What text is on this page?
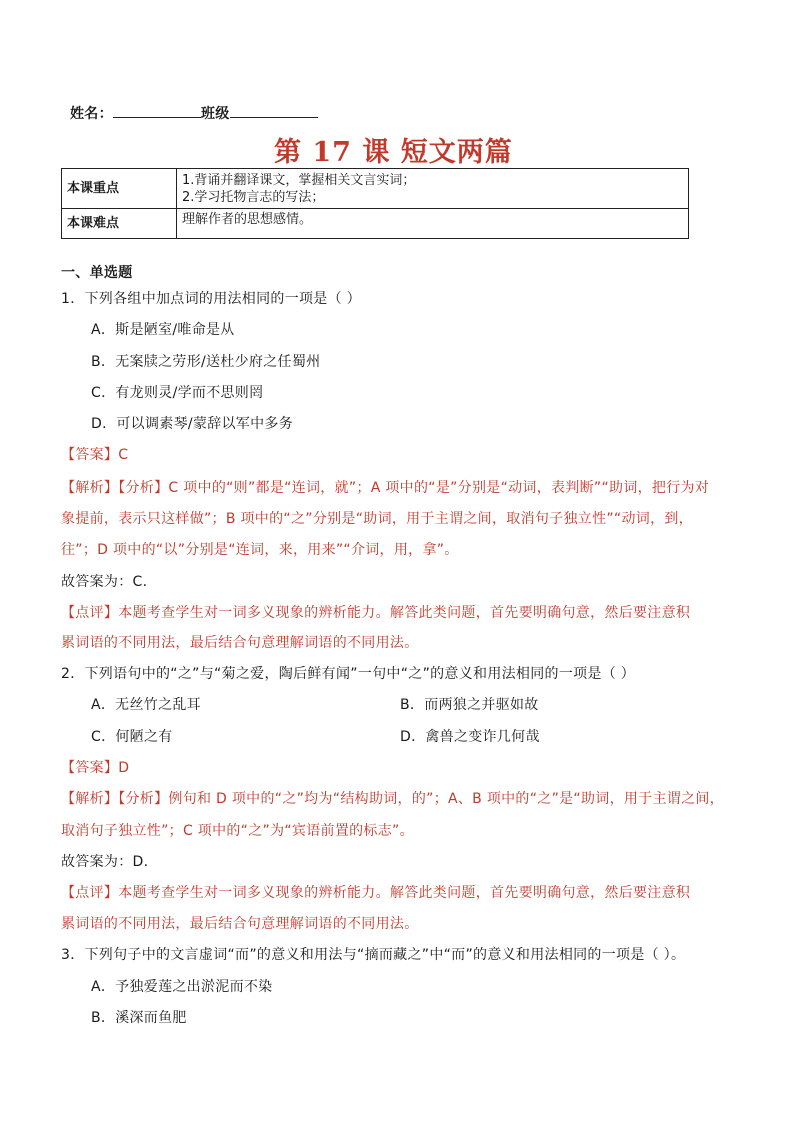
姓名：	班级
第 17 课 短文两篇
本课重点	1.背诵并翻译课文，掌握相关文言实词；
2.学习托物言志的写法；

本课难点	理解作者的思想感情。
一、单选题
1．下列各组中加点词的用法相同的一项是（ ）
A．斯是陋室/唯命是从
B．无案牍之劳形/送杜少府之任蜀州
C．有龙则灵/学而不思则罔
D．可以调素琴/蒙辞以军中多务
【答案】C
【解析】【分析】C 项中的“则”都是“连词，就”；A 项中的“是”分别是“动词，表判断”“助词，把行为对
象提前，表示只这样做”；B 项中的“之”分别是“助词，用于主谓之间，取消句子独立性”“动词，到，
往”；D 项中的“以”分别是“连词，来，用来”“介词，用，拿”。
故答案为：C.
【点评】本题考查学生对一词多义现象的辨析能力。解答此类问题，首先要明确句意，然后要注意积
累词语的不同用法，最后结合句意理解词语的不同用法。
2．下列语句中的“之”与“菊之爱，陶后鲜有闻”一句中“之”的意义和用法相同的一项是（ ）
A．无丝竹之乱耳	B．而两狼之并驱如故
C．何陋之有	D．禽兽之变诈几何哉
【答案】D
【解析】【分析】例句和 D 项中的“之”均为“结构助词，的”；A、B 项中的“之”是“助词，用于主谓之间，
取消句子独立性”；C 项中的“之”为“宾语前置的标志”。
故答案为：D.
【点评】本题考查学生对一词多义现象的辨析能力。解答此类问题，首先要明确句意，然后要注意积
累词语的不同用法，最后结合句意理解词语的不同用法。
3．下列句子中的文言虚词“而”的意义和用法与“摘而藏之”中“而”的意义和用法相同的一项是（ ）。
A．予独爱莲之出淤泥而不染
B．溪深而鱼肥
